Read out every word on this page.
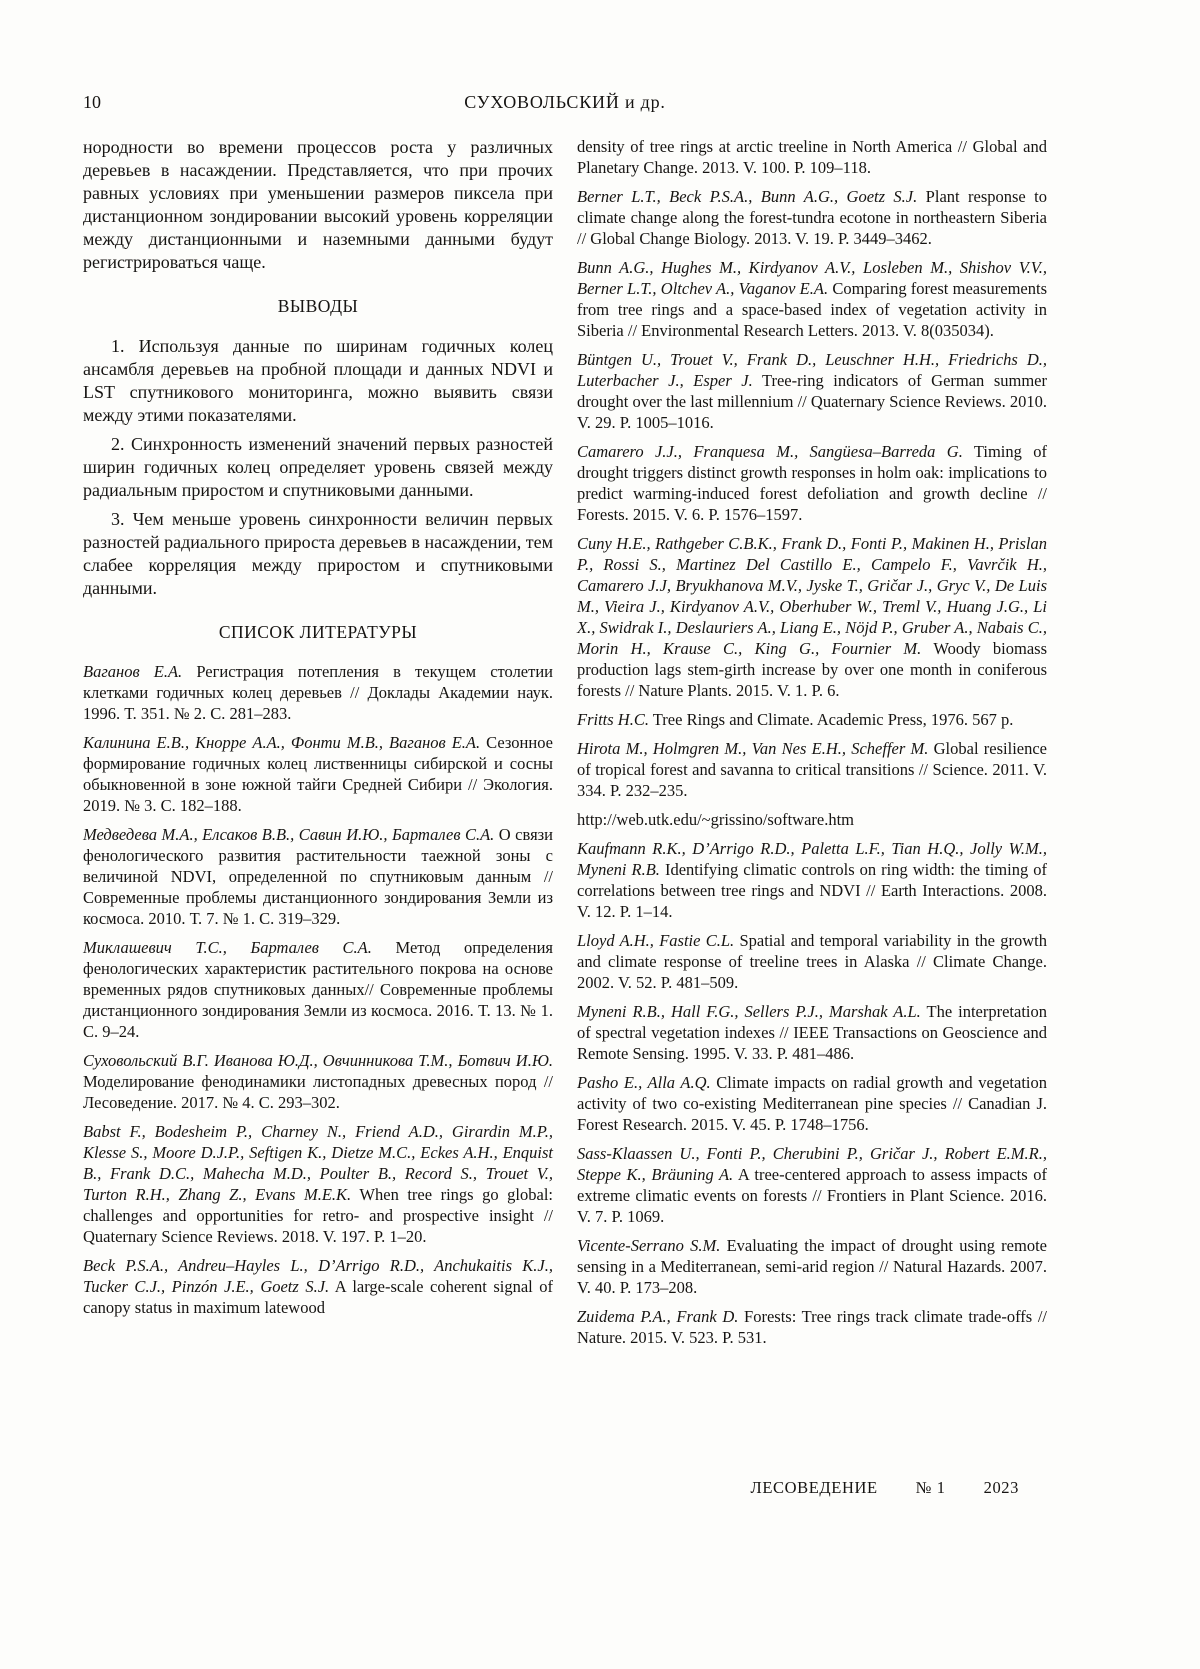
10	СУХОВОЛЬСКИЙ и др.

нородности во времени процессов роста у различных деревьев в насаждении. Представляется, что при прочих равных условиях при уменьшении размеров пиксела при дистанционном зондировании высокий уровень корреляции между дистанционными и наземными данными будут регистрироваться чаще.

ВЫВОДЫ

1. Используя данные по ширинам годичных колец ансамбля деревьев на пробной площади и данных NDVI и LST спутникового мониторинга, можно выявить связи между этими показателями.

2. Синхронность изменений значений первых разностей ширин годичных колец определяет уровень связей между радиальным приростом и спутниковыми данными.

3. Чем меньше уровень синхронности величин первых разностей радиального прироста деревьев в насаждении, тем слабее корреляция между приростом и спутниковыми данными.

СПИСОК ЛИТЕРАТУРЫ

Ваганов Е.А. Регистрация потепления в текущем столетии клетками годичных колец деревьев // Доклады Академии наук. 1996. Т. 351. № 2. С. 281–283.

Калинина Е.В., Кнорре А.А., Фонти М.В., Ваганов Е.А. Сезонное формирование годичных колец лиственницы сибирской и сосны обыкновенной в зоне южной тайги Средней Сибири // Экология. 2019. № 3. С. 182–188.

Медведева М.А., Елсаков В.В., Савин И.Ю., Барталев С.А. О связи фенологического развития растительности таежной зоны с величиной NDVI, определенной по спутниковым данным // Современные проблемы дистанционного зондирования Земли из космоса. 2010. Т. 7. № 1. С. 319–329.

Миклашевич Т.С., Барталев С.А. Метод определения фенологических характеристик растительного покрова на основе временных рядов спутниковых данных// Современные проблемы дистанционного зондирования Земли из космоса. 2016. Т. 13. № 1. С. 9–24.

Суховольский В.Г. Иванова Ю.Д., Овчинникова Т.М., Ботвич И.Ю. Моделирование фенодинамики листопадных древесных пород // Лесоведение. 2017. № 4. С. 293–302.

Babst F., Bodesheim P., Charney N., Friend A.D., Girardin M.P., Klesse S., Moore D.J.P., Seftigen K., Dietze M.C., Eckes A.H., Enquist B., Frank D.C., Mahecha M.D., Poulter B., Record S., Trouet V., Turton R.H., Zhang Z., Evans M.E.K. When tree rings go global: challenges and opportunities for retro- and prospective insight // Quaternary Science Reviews. 2018. V. 197. P. 1–20.

Beck P.S.A., Andreu–Hayles L., D’Arrigo R.D., Anchukaitis K.J., Tucker C.J., Pinzón J.E., Goetz S.J. A large-scale coherent signal of canopy status in maximum latewood

density of tree rings at arctic treeline in North America // Global and Planetary Change. 2013. V. 100. P. 109–118.

Berner L.T., Beck P.S.A., Bunn A.G., Goetz S.J. Plant response to climate change along the forest-tundra ecotone in northeastern Siberia // Global Change Biology. 2013. V. 19. P. 3449–3462.

Bunn A.G., Hughes M., Kirdyanov A.V., Losleben M., Shishov V.V., Berner L.T., Oltchev A., Vaganov E.A. Comparing forest measurements from tree rings and a space-based index of vegetation activity in Siberia // Environmental Research Letters. 2013. V. 8(035034).

Büntgen U., Trouet V., Frank D., Leuschner H.H., Friedrichs D., Luterbacher J., Esper J. Tree-ring indicators of German summer drought over the last millennium // Quaternary Science Reviews. 2010. V. 29. P. 1005–1016.

Camarero J.J., Franquesa M., Sangüesa–Barreda G. Timing of drought triggers distinct growth responses in holm oak: implications to predict warming-induced forest defoliation and growth decline // Forests. 2015. V. 6. P. 1576–1597.

Cuny H.E., Rathgeber C.B.K., Frank D., Fonti P., Makinen H., Prislan P., Rossi S., Martinez Del Castillo E., Campelo F., Vavrčik H., Camarero J.J, Bryukhanova M.V., Jyske T., Gričar J., Gryc V., De Luis M., Vieira J., Kirdyanov A.V., Oberhuber W., Treml V., Huang J.G., Li X., Swidrak I., Deslauriers A., Liang E., Nöjd P., Gruber A., Nabais C., Morin H., Krause C., King G., Fournier M. Woody biomass production lags stem-girth increase by over one month in coniferous forests // Nature Plants. 2015. V. 1. P. 6.

Fritts H.C. Tree Rings and Climate. Academic Press, 1976. 567 p.

Hirota M., Holmgren M., Van Nes E.H., Scheffer M. Global resilience of tropical forest and savanna to critical transitions // Science. 2011. V. 334. P. 232–235.

http://web.utk.edu/~grissino/software.htm

Kaufmann R.K., D’Arrigo R.D., Paletta L.F., Tian H.Q., Jolly W.M., Myneni R.B. Identifying climatic controls on ring width: the timing of correlations between tree rings and NDVI // Earth Interactions. 2008. V. 12. P. 1–14.

Lloyd A.H., Fastie C.L. Spatial and temporal variability in the growth and climate response of treeline trees in Alaska // Climate Change. 2002. V. 52. P. 481–509.

Myneni R.B., Hall F.G., Sellers P.J., Marshak A.L. The interpretation of spectral vegetation indexes // IEEE Transactions on Geoscience and Remote Sensing. 1995. V. 33. P. 481–486.

Pasho E., Alla A.Q. Climate impacts on radial growth and vegetation activity of two co-existing Mediterranean pine species // Canadian J. Forest Research. 2015. V. 45. P. 1748–1756.

Sass-Klaassen U., Fonti P., Cherubini P., Gričar J., Robert E.M.R., Steppe K., Bräuning A. A tree-centered approach to assess impacts of extreme climatic events on forests // Frontiers in Plant Science. 2016. V. 7. P. 1069.

Vicente-Serrano S.M. Evaluating the impact of drought using remote sensing in a Mediterranean, semi-arid region // Natural Hazards. 2007. V. 40. P. 173–208.

Zuidema P.A., Frank D. Forests: Tree rings track climate trade-offs // Nature. 2015. V. 523. P. 531.

ЛЕСОВЕДЕНИЕ № 1 2023
